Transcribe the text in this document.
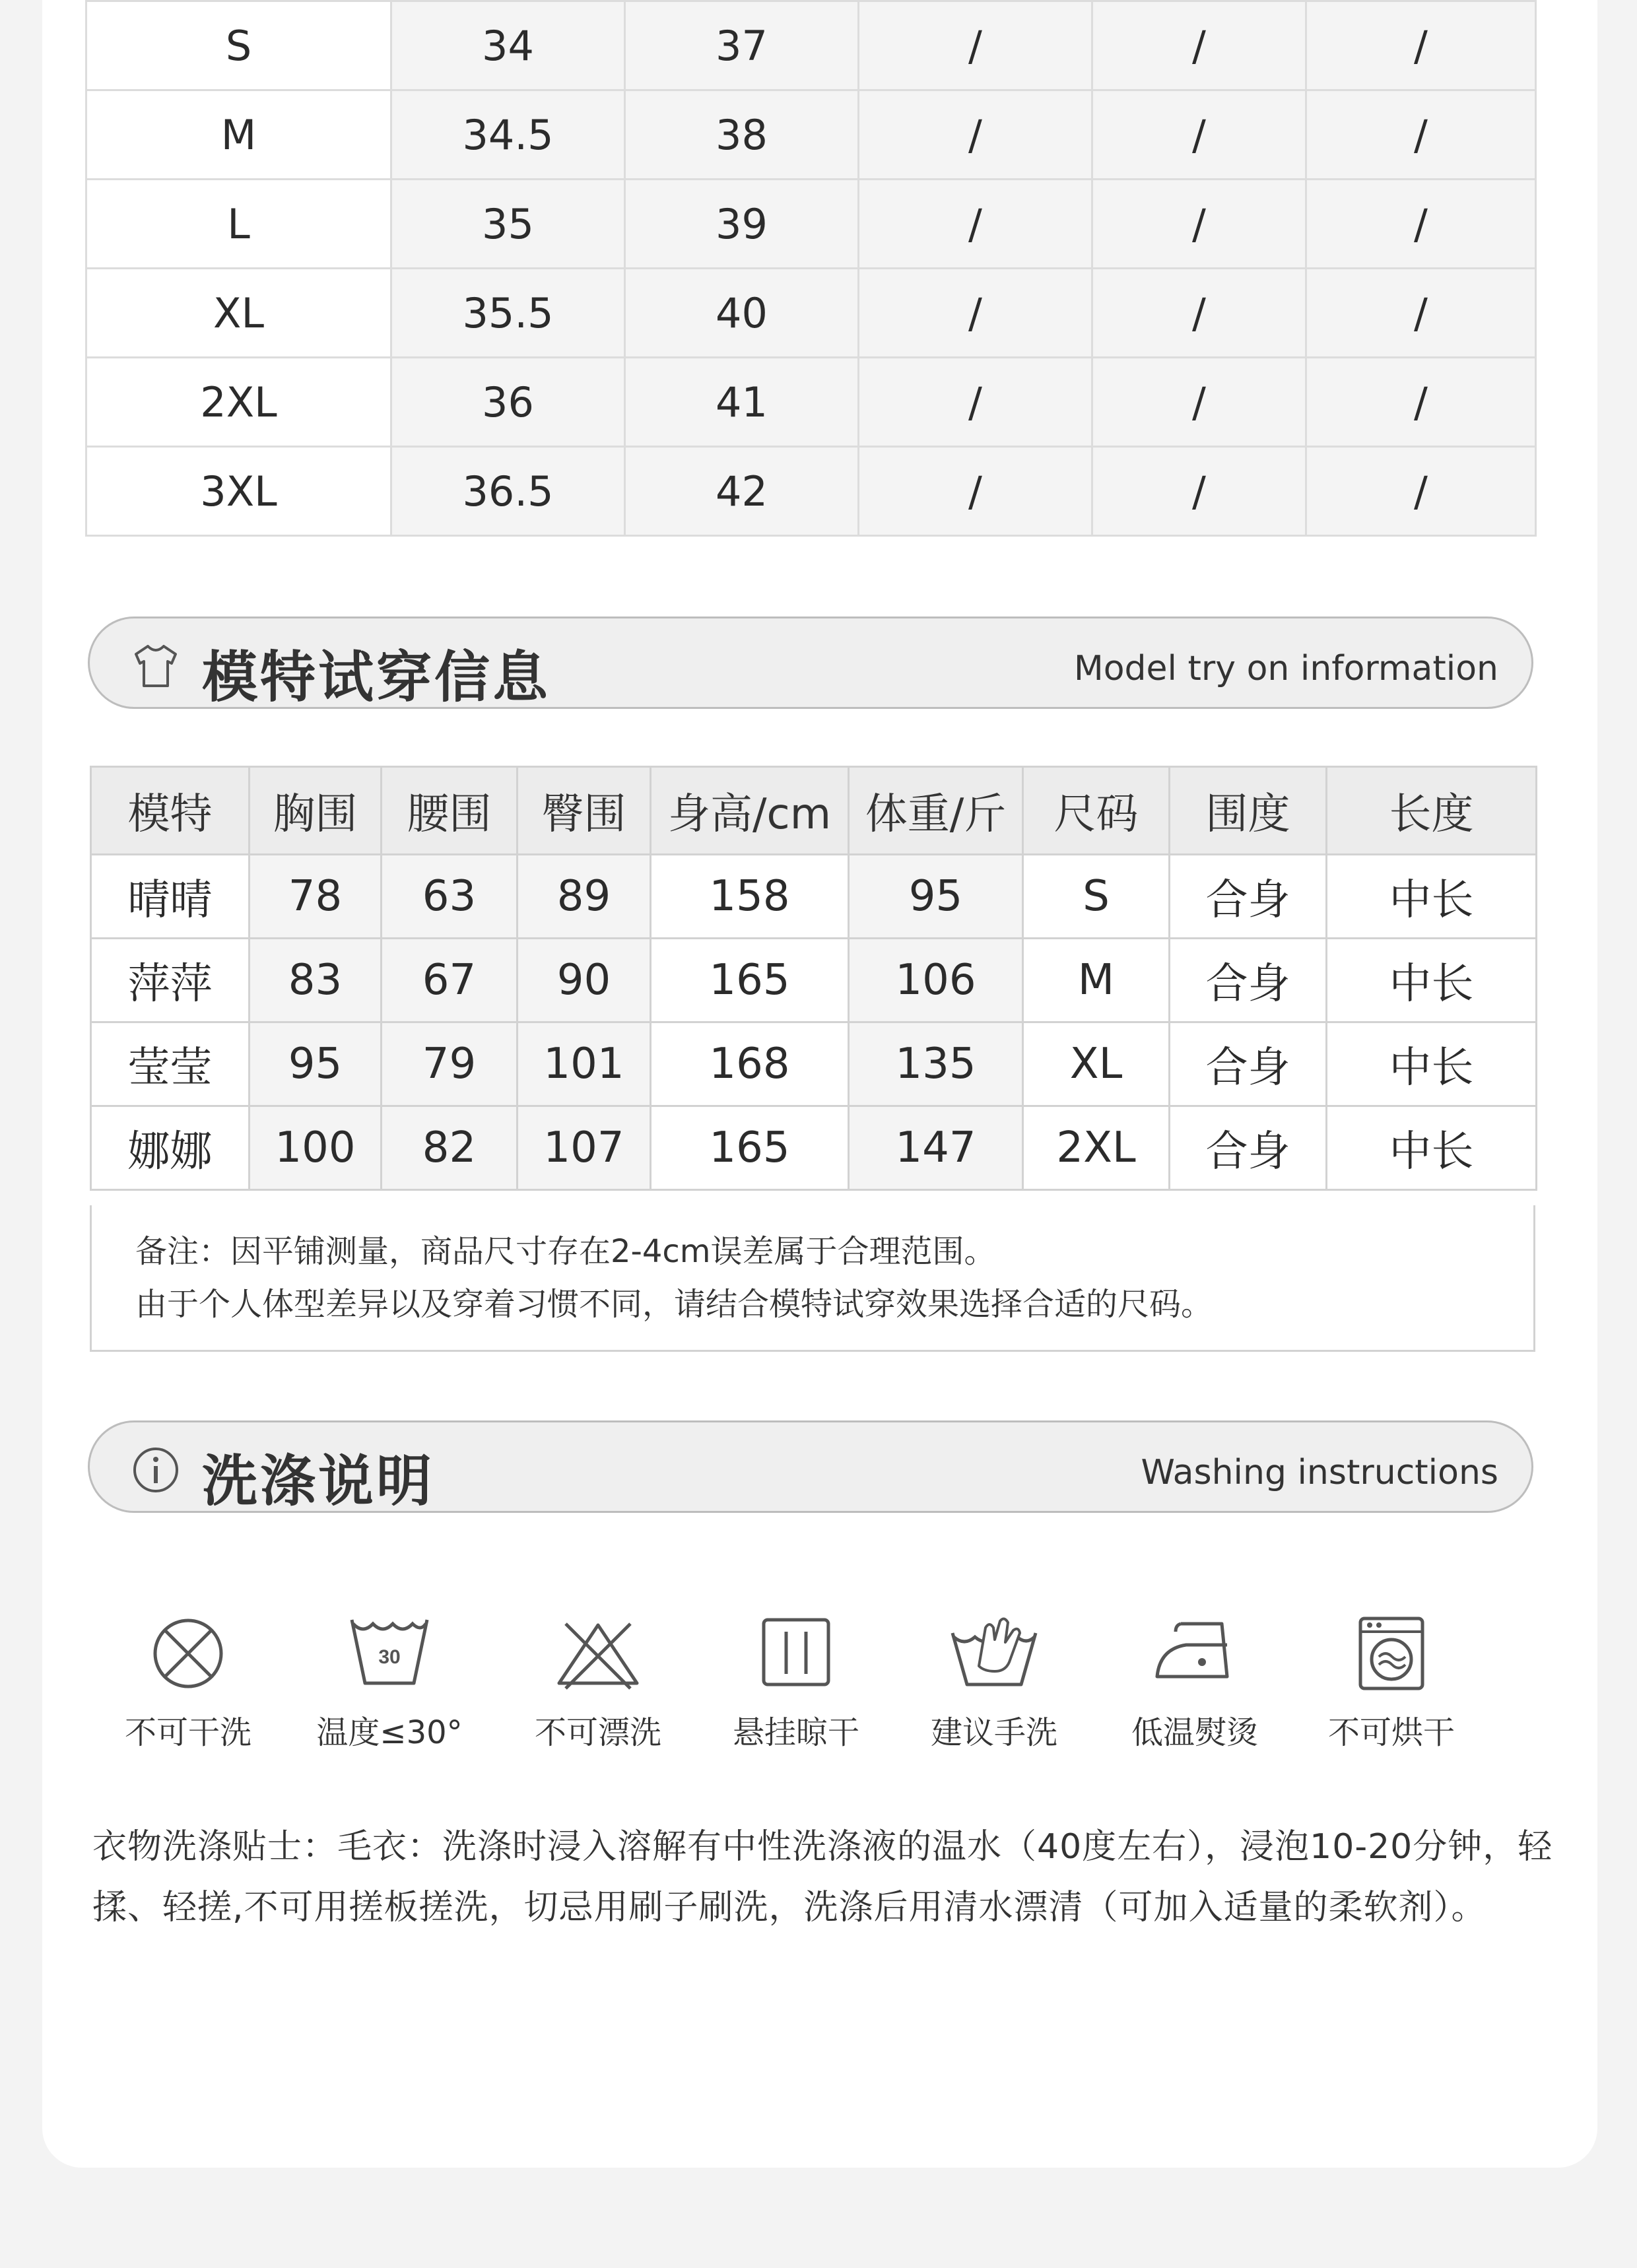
S	34	37	/	/	/
M	34.5	38	/	/	/
L	35	39	/	/	/
XL	35.5	40	/	/	/
2XL	36	41	/	/	/
3XL	36.5	42	/	/	/
模特试穿信息	Model try on information
模特	胸围	腰围	臀围	身高/cm	体重/斤	尺码	围度	长度
晴晴	78	63	89	158	95	S	合身	中长
萍萍	83	67	90	165	106	M	合身	中长
莹莹	95	79	101	168	135	XL	合身	中长
娜娜	100	82	107	165	147	2XL	合身	中长
备注：因平铺测量，商品尺寸存在2-4cm误差属于合理范围。
由于个人体型差异以及穿着习惯不同，请结合模特试穿效果选择合适的尺码。
洗涤说明	Washing instructions
不可干洗
30
温度≤30°	不可漂洗	悬挂晾干	建议手洗	低温熨烫	不可烘干
衣物洗涤贴士：毛衣：洗涤时浸入溶解有中性洗涤液的温水（40度左右），浸泡10-20分钟，轻揉、轻搓,不可用搓板搓洗，切忌用刷子刷洗，洗涤后用清水漂清（可加入适量的柔软剂）。
